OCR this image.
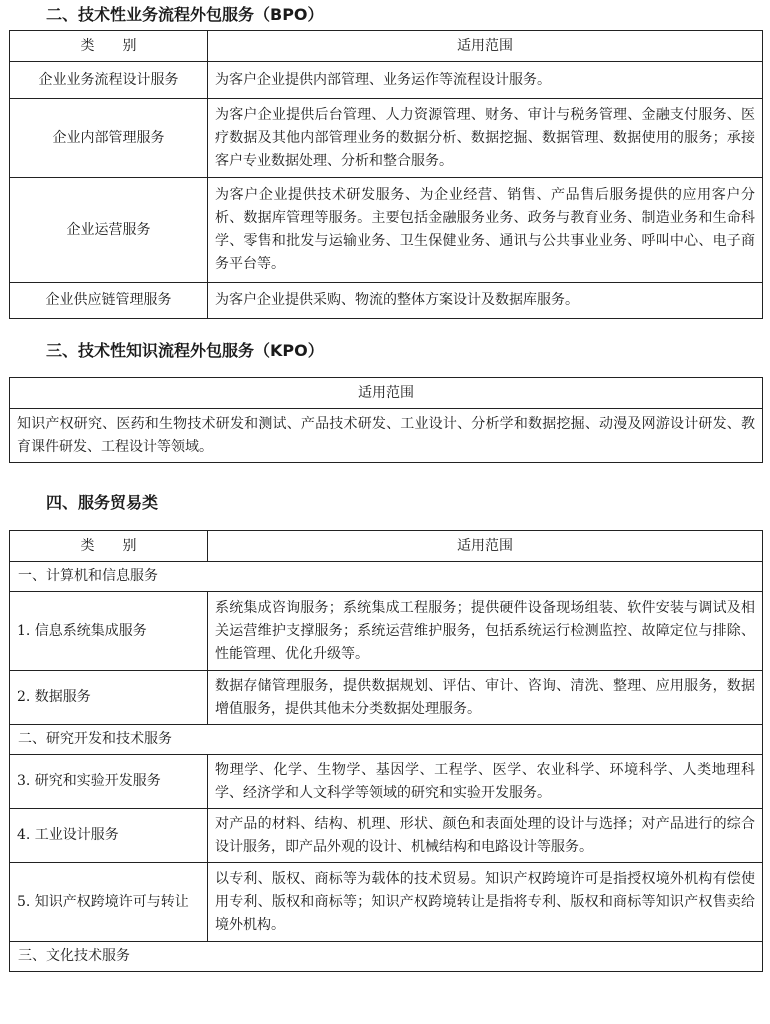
二、技术性业务流程外包服务（BPO）
类　　别	适用范围
企业业务流程设计服务	为客户企业提供内部管理、业务运作等流程设计服务。
企业内部管理服务	为客户企业提供后台管理、人力资源管理、财务、审计与税务管理、金融支付服务、医疗数据及其他内部管理业务的数据分析、数据挖掘、数据管理、数据使用的服务；承接客户专业数据处理、分析和整合服务。
企业运营服务	为客户企业提供技术研发服务、为企业经营、销售、产品售后服务提供的应用客户分析、数据库管理等服务。主要包括金融服务业务、政务与教育业务、制造业务和生命科学、零售和批发与运输业务、卫生保健业务、通讯与公共事业业务、呼叫中心、电子商务平台等。
企业供应链管理服务	为客户企业提供采购、物流的整体方案设计及数据库服务。
三、技术性知识流程外包服务（KPO）
适用范围
知识产权研究、医药和生物技术研发和测试、产品技术研发、工业设计、分析学和数据挖掘、动漫及网游设计研发、教育课件研发、工程设计等领域。
四、服务贸易类
类　　别	适用范围
一、计算机和信息服务	
1. 信息系统集成服务	系统集成咨询服务；系统集成工程服务；提供硬件设备现场组装、软件安装与调试及相关运营维护支撑服务；系统运营维护服务，包括系统运行检测监控、故障定位与排除、性能管理、优化升级等。
2. 数据服务	数据存储管理服务，提供数据规划、评估、审计、咨询、清洗、整理、应用服务，数据增值服务，提供其他未分类数据处理服务。
二、研究开发和技术服务	
3. 研究和实验开发服务	物理学、化学、生物学、基因学、工程学、医学、农业科学、环境科学、人类地理科学、经济学和人文科学等领域的研究和实验开发服务。
4. 工业设计服务	对产品的材料、结构、机理、形状、颜色和表面处理的设计与选择；对产品进行的综合设计服务，即产品外观的设计、机械结构和电路设计等服务。
5. 知识产权跨境许可与转让	以专利、版权、商标等为载体的技术贸易。知识产权跨境许可是指授权境外机构有偿使用专利、版权和商标等；知识产权跨境转让是指将专利、版权和商标等知识产权售卖给境外机构。
三、文化技术服务	
